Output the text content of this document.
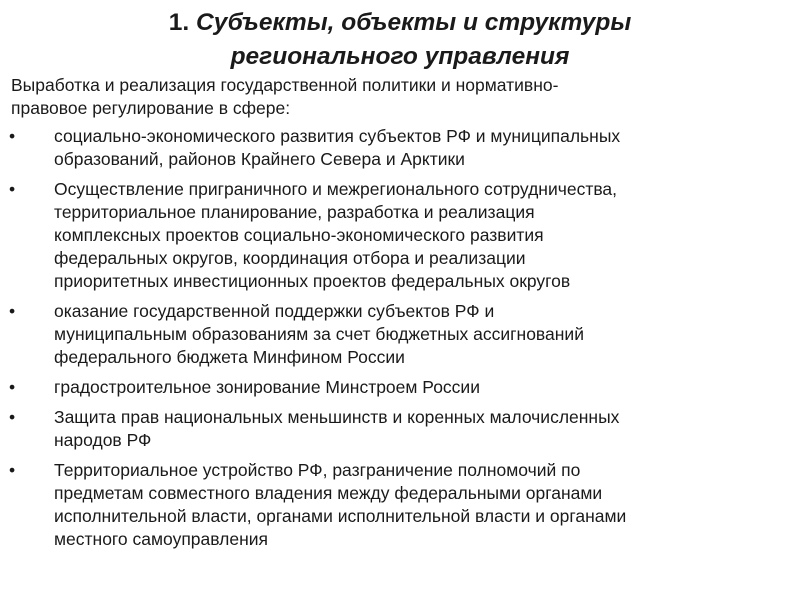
1. Субъекты, объекты и структуры
регионального управления

Выработка и реализация государственной политики и нормативно-
правовое регулирование в сфере:

•	социально-экономического развития субъектов РФ и муниципальных
образований, районов Крайнего Севера и Арктики
•	Осуществление приграничного и межрегионального сотрудничества,
территориальное планирование, разработка и реализация
комплексных проектов социально-экономического развития
федеральных округов, координация отбора и реализации
приоритетных инвестиционных проектов федеральных округов
•	оказание государственной поддержки субъектов РФ и
муниципальным образованиям за счет бюджетных ассигнований
федерального бюджета Минфином России
•	градостроительное зонирование Минстроем России
•	Защита прав национальных меньшинств и коренных малочисленных
народов РФ
•	Территориальное устройство РФ, разграничение полномочий по
предметам совместного владения между федеральными органами
исполнительной власти, органами исполнительной власти и органами
местного самоуправления
